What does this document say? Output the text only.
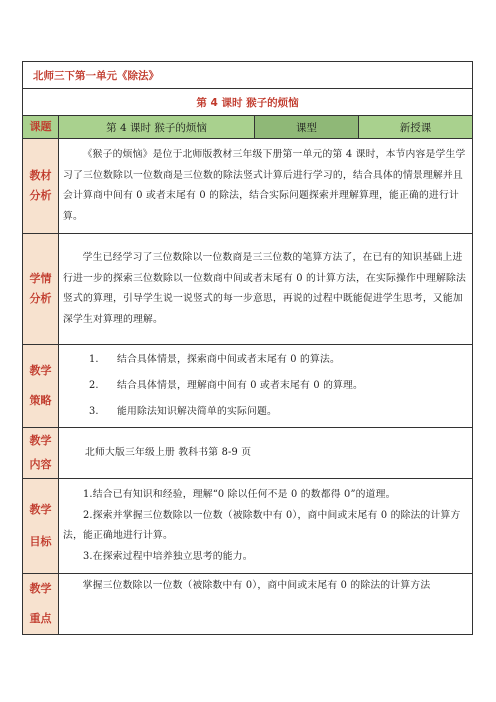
北师三下第一单元《除法》			
第 4 课时 猴子的烦恼			
课题	第 4 课时 猴子的烦恼	课型	新授课
教材分析	《猴子的烦恼》是位于北师版教材三年级下册第一单元的第 4 课时，本节内容是学生学习了三位数除以一位数商是三位数的除法竖式计算后进行学习的，结合具体的情景理解并且会计算商中间有 0 或者末尾有 0 的除法，结合实际问题探索并理解算理，能正确的进行计算。		
学情分析	学生已经学习了三位数除以一位数商是三三位数的笔算方法了，在已有的知识基础上进行进一步的探索三位数除以一位数商中间或者末尾有 0 的计算方法，在实际操作中理解除法竖式的算理，引导学生说一说竖式的每一步意思，再说的过程中既能促进学生思考，又能加深学生对算理的理解。		
教学策略	1. 结合具体情景，探索商中间或者末尾有 0 的算法。
2. 结合具体情景，理解商中间有 0 或者末尾有 0 的算理。
3. 能用除法知识解决简单的实际问题。		

教学内容	北师大版三年级上册 教科书第 8-9 页		
教学目标	1.结合已有知识和经验，理解“0 除以任何不是 0 的数都得 0”的道理。
2.探索并掌握三位数除以一位数（被除数中有 0），商中间或末尾有 0 的除法的计算方法，能正确地进行计算。
3.在探索过程中培养独立思考的能力。		

教学重点	掌握三位数除以一位数（被除数中有 0），商中间或末尾有 0 的除法的计算方法		
